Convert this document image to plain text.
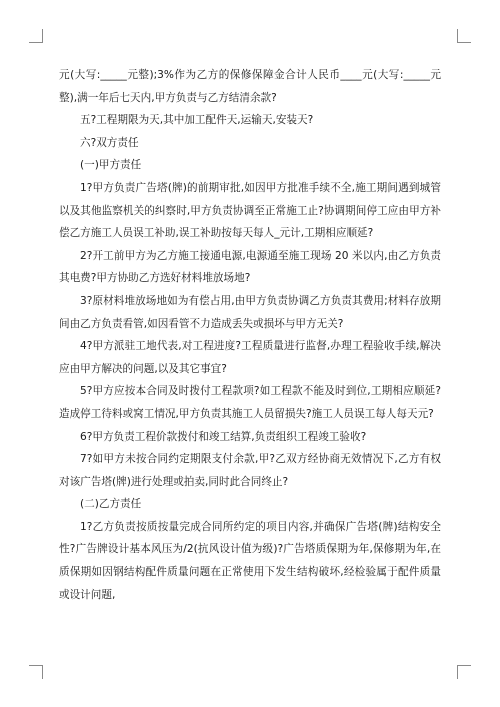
元(大写:_____元整);3%作为乙方的保修保障金合计人民币____元(大写:_____元整),满一年后七天内,甲方负责与乙方结清余款?

五?工程期限为天,其中加工配件天,运输天,安装天?

六?双方责任

(一)甲方责任

1?甲方负责广告塔(牌)的前期审批,如因甲方批准手续不全,施工期间遇到城管以及其他监察机关的纠察时,甲方负责协调至正常施工止?协调期间停工应由甲方补偿乙方施工人员误工补助,误工补助按每天每人_元计,工期相应顺延?

2?开工前甲方为乙方施工接通电源,电源通至施工现场 20 米以内,由乙方负责其电费?甲方协助乙方选好材料堆放场地?

3?原材料堆放场地如为有偿占用,由甲方负责协调乙方负责其费用;材料存放期间由乙方负责看管,如因看管不力造成丢失或损坏与甲方无关?

4?甲方派驻工地代表,对工程进度?工程质量进行监督,办理工程验收手续,解决应由甲方解决的问题,以及其它事宜?

5?甲方应按本合同及时拨付工程款项?如工程款不能及时到位,工期相应顺延?造成停工待料或窝工情况,甲方负责其施工人员留损失?施工人员误工每人每天元?

6?甲方负责工程价款拨付和竣工结算,负责组织工程竣工验收?

7?如甲方未按合同约定期限支付余款,甲?乙双方经协商无效情况下,乙方有权对该广告塔(牌)进行处理或拍卖,同时此合同终止?

(二)乙方责任

1?乙方负责按质按量完成合同所约定的项目内容,并确保广告塔(牌)结构安全性?广告牌设计基本风压为/2(抗风设计值为级)?广告塔质保期为年,保修期为年,在质保期如因钢结构配件质量问题在正常使用下发生结构破坏,经检验属于配件质量或设计问题,
